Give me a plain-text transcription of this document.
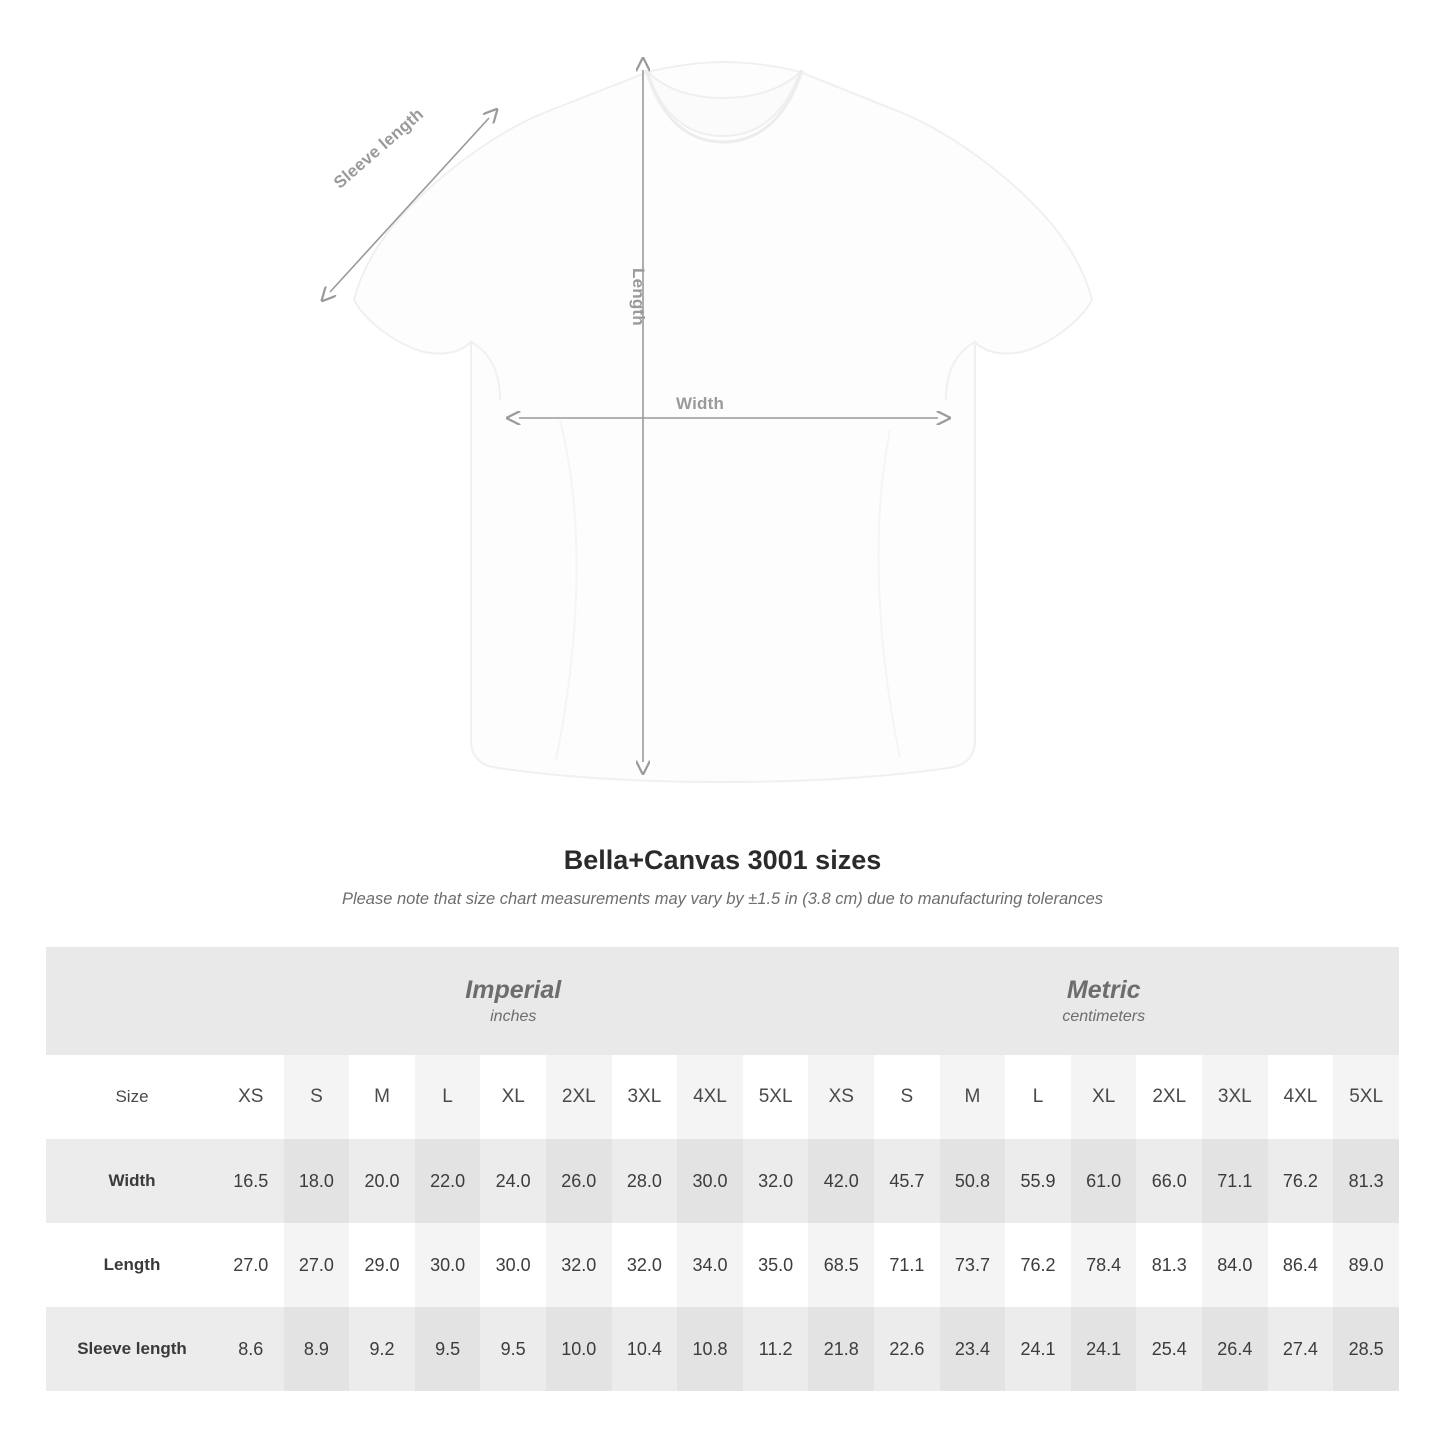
Sleeve length
Length
Width
Bella+Canvas 3001 sizes

Please note that size chart measurements may vary by ±1.5 in (3.8 cm) due to manufacturing tolerances

Imperial
inches

Metric
centimeters

Size	XS	S	M	L	XL	2XL	3XL	4XL	5XL	XS	S	M	L	XL	2XL	3XL	4XL	5XL
Width	16.5	18.0	20.0	22.0	24.0	26.0	28.0	30.0	32.0	42.0	45.7	50.8	55.9	61.0	66.0	71.1	76.2	81.3
Length	27.0	27.0	29.0	30.0	30.0	32.0	32.0	34.0	35.0	68.5	71.1	73.7	76.2	78.4	81.3	84.0	86.4	89.0
Sleeve length	8.6	8.9	9.2	9.5	9.5	10.0	10.4	10.8	11.2	21.8	22.6	23.4	24.1	24.1	25.4	26.4	27.4	28.5
